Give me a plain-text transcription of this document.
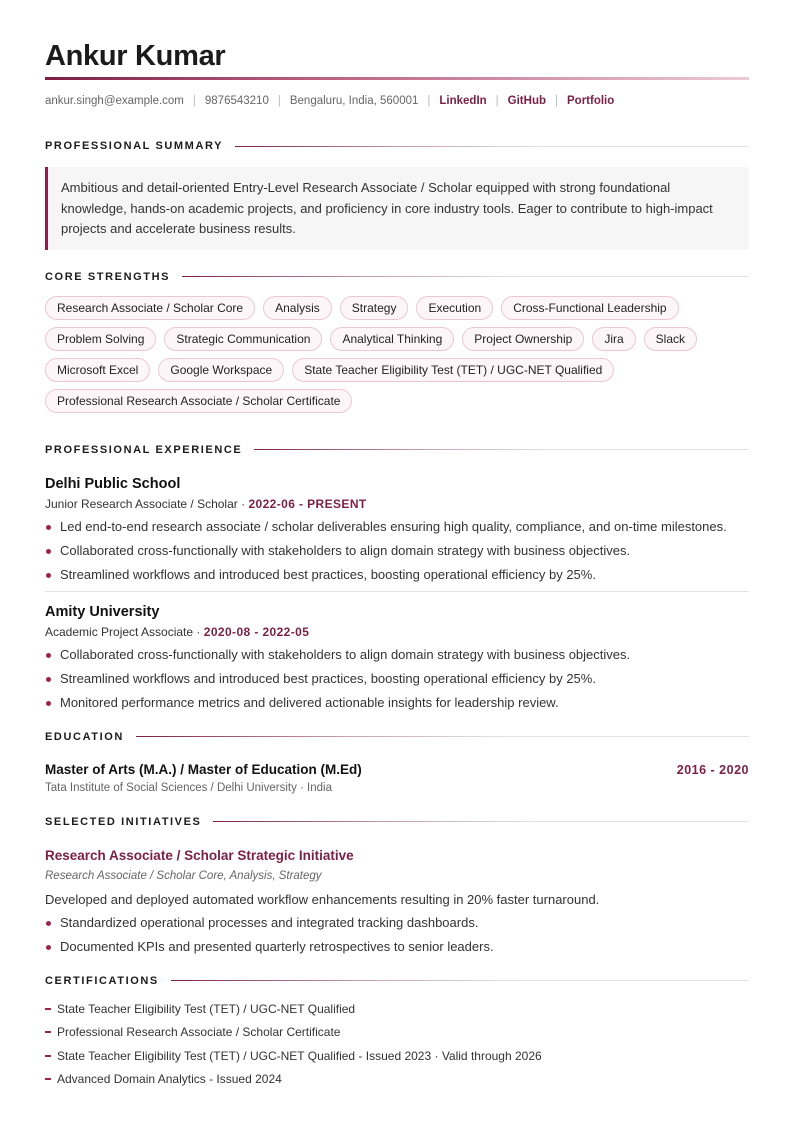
Ankur Kumar
ankur.singh@example.com | 9876543210 | Bengaluru, India, 560001 | LinkedIn | GitHub | Portfolio
PROFESSIONAL SUMMARY
Ambitious and detail-oriented Entry-Level Research Associate / Scholar equipped with strong foundational knowledge, hands-on academic projects, and proficiency in core industry tools. Eager to contribute to high-impact projects and accelerate business results.
CORE STRENGTHS
Research Associate / Scholar Core	Analysis	Strategy	Execution	Cross-Functional Leadership
Problem Solving	Strategic Communication	Analytical Thinking	Project Ownership	Jira	Slack
Microsoft Excel	Google Workspace	State Teacher Eligibility Test (TET) / UGC-NET Qualified
Professional Research Associate / Scholar Certificate
PROFESSIONAL EXPERIENCE
Delhi Public School
Junior Research Associate / Scholar · 2022-06 - PRESENT
Led end-to-end research associate / scholar deliverables ensuring high quality, compliance, and on-time milestones.
Collaborated cross-functionally with stakeholders to align domain strategy with business objectives.
Streamlined workflows and introduced best practices, boosting operational efficiency by 25%.
Amity University
Academic Project Associate · 2020-08 - 2022-05
Collaborated cross-functionally with stakeholders to align domain strategy with business objectives.
Streamlined workflows and introduced best practices, boosting operational efficiency by 25%.
Monitored performance metrics and delivered actionable insights for leadership review.
EDUCATION
Master of Arts (M.A.) / Master of Education (M.Ed)	2016 - 2020
Tata Institute of Social Sciences / Delhi University · India
SELECTED INITIATIVES
Research Associate / Scholar Strategic Initiative
Research Associate / Scholar Core, Analysis, Strategy
Developed and deployed automated workflow enhancements resulting in 20% faster turnaround.
Standardized operational processes and integrated tracking dashboards.
Documented KPIs and presented quarterly retrospectives to senior leaders.
CERTIFICATIONS
State Teacher Eligibility Test (TET) / UGC-NET Qualified
Professional Research Associate / Scholar Certificate
State Teacher Eligibility Test (TET) / UGC-NET Qualified - Issued 2023 · Valid through 2026
Advanced Domain Analytics - Issued 2024
